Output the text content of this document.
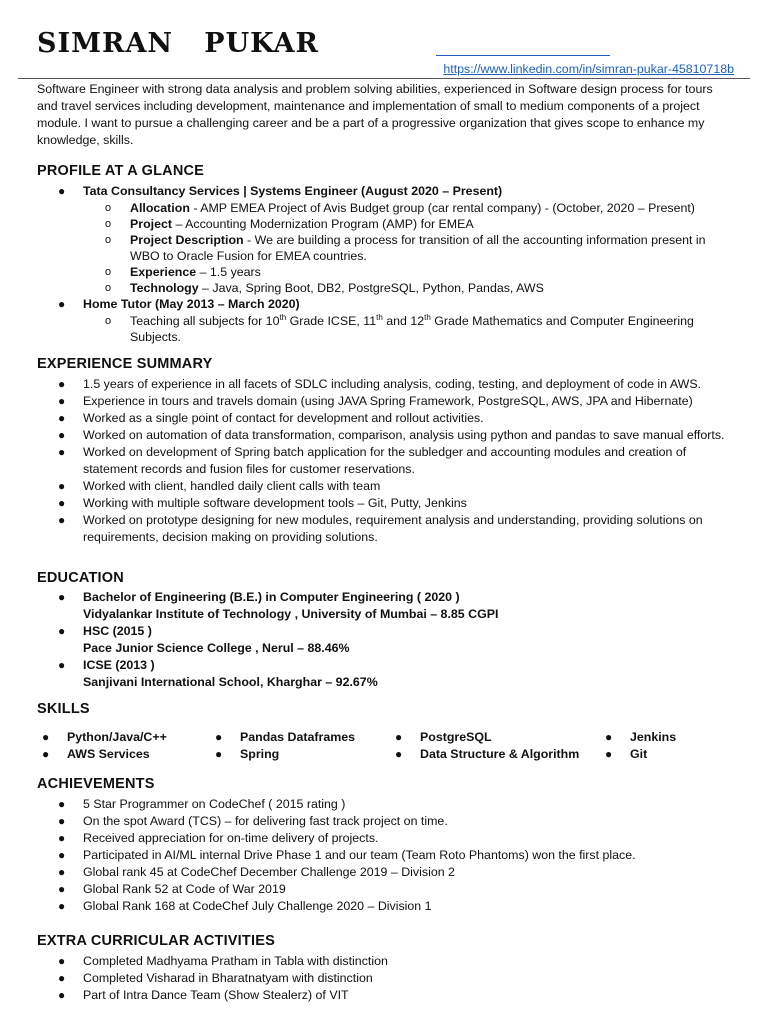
SIMRAN   PUKAR
https://www.linkedin.com/in/simran-pukar-45810718b

Software Engineer with strong data analysis and problem solving abilities, experienced in Software design process for tours and travel services including development, maintenance and implementation of small to medium components of a project module. I want to pursue a challenging career and be a part of a progressive organization that gives scope to enhance my knowledge, skills.

PROFILE AT A GLANCE
● Tata Consultancy Services | Systems Engineer (August 2020 – Present)
o Allocation - AMP EMEA Project of Avis Budget group (car rental company) - (October, 2020 – Present)
o Project – Accounting Modernization Program (AMP) for EMEA
o Project Description - We are building a process for transition of all the accounting information present in WBO to Oracle Fusion for EMEA countries.
o Experience – 1.5 years
o Technology – Java, Spring Boot, DB2, PostgreSQL, Python, Pandas, AWS
● Home Tutor (May 2013 – March 2020)
o Teaching all subjects for 10th Grade ICSE, 11th and 12th Grade Mathematics and Computer Engineering Subjects.
EXPERIENCE SUMMARY
● 1.5 years of experience in all facets of SDLC including analysis, coding, testing, and deployment of code in AWS.
● Experience in tours and travels domain (using JAVA Spring Framework, PostgreSQL, AWS, JPA and Hibernate)
● Worked as a single point of contact for development and rollout activities.
● Worked on automation of data transformation, comparison, analysis using python and pandas to save manual efforts.
● Worked on development of Spring batch application for the subledger and accounting modules and creation of statement records and fusion files for customer reservations.
● Worked with client, handled daily client calls with team
● Working with multiple software development tools – Git, Putty, Jenkins
● Worked on prototype designing for new modules, requirement analysis and understanding, providing solutions on requirements, decision making on providing solutions.
EDUCATION
● Bachelor of Engineering (B.E.) in Computer Engineering ( 2020 )
Vidyalankar Institute of Technology , University of Mumbai – 8.85 CGPI
● HSC (2015 )
Pace Junior Science College , Nerul – 88.46%
● ICSE (2013 )
Sanjivani International School, Kharghar – 92.67%
SKILLS
● Python/Java/C++
● AWS Services
● Pandas Dataframes
● Spring
● PostgreSQL
● Data Structure & Algorithm
● Jenkins
● Git
ACHIEVEMENTS
● 5 Star Programmer on CodeChef ( 2015 rating )
● On the spot Award (TCS) – for delivering fast track project on time.
● Received appreciation for on-time delivery of projects.
● Participated in AI/ML internal Drive Phase 1 and our team (Team Roto Phantoms) won the first place.
● Global rank 45 at CodeChef December Challenge 2019 – Division 2
● Global Rank 52 at Code of War 2019
● Global Rank 168 at CodeChef July Challenge 2020 – Division 1
EXTRA CURRICULAR ACTIVITIES
● Completed Madhyama Pratham in Tabla with distinction
● Completed Visharad in Bharatnatyam with distinction
● Part of Intra Dance Team (Show Stealerz) of VIT
